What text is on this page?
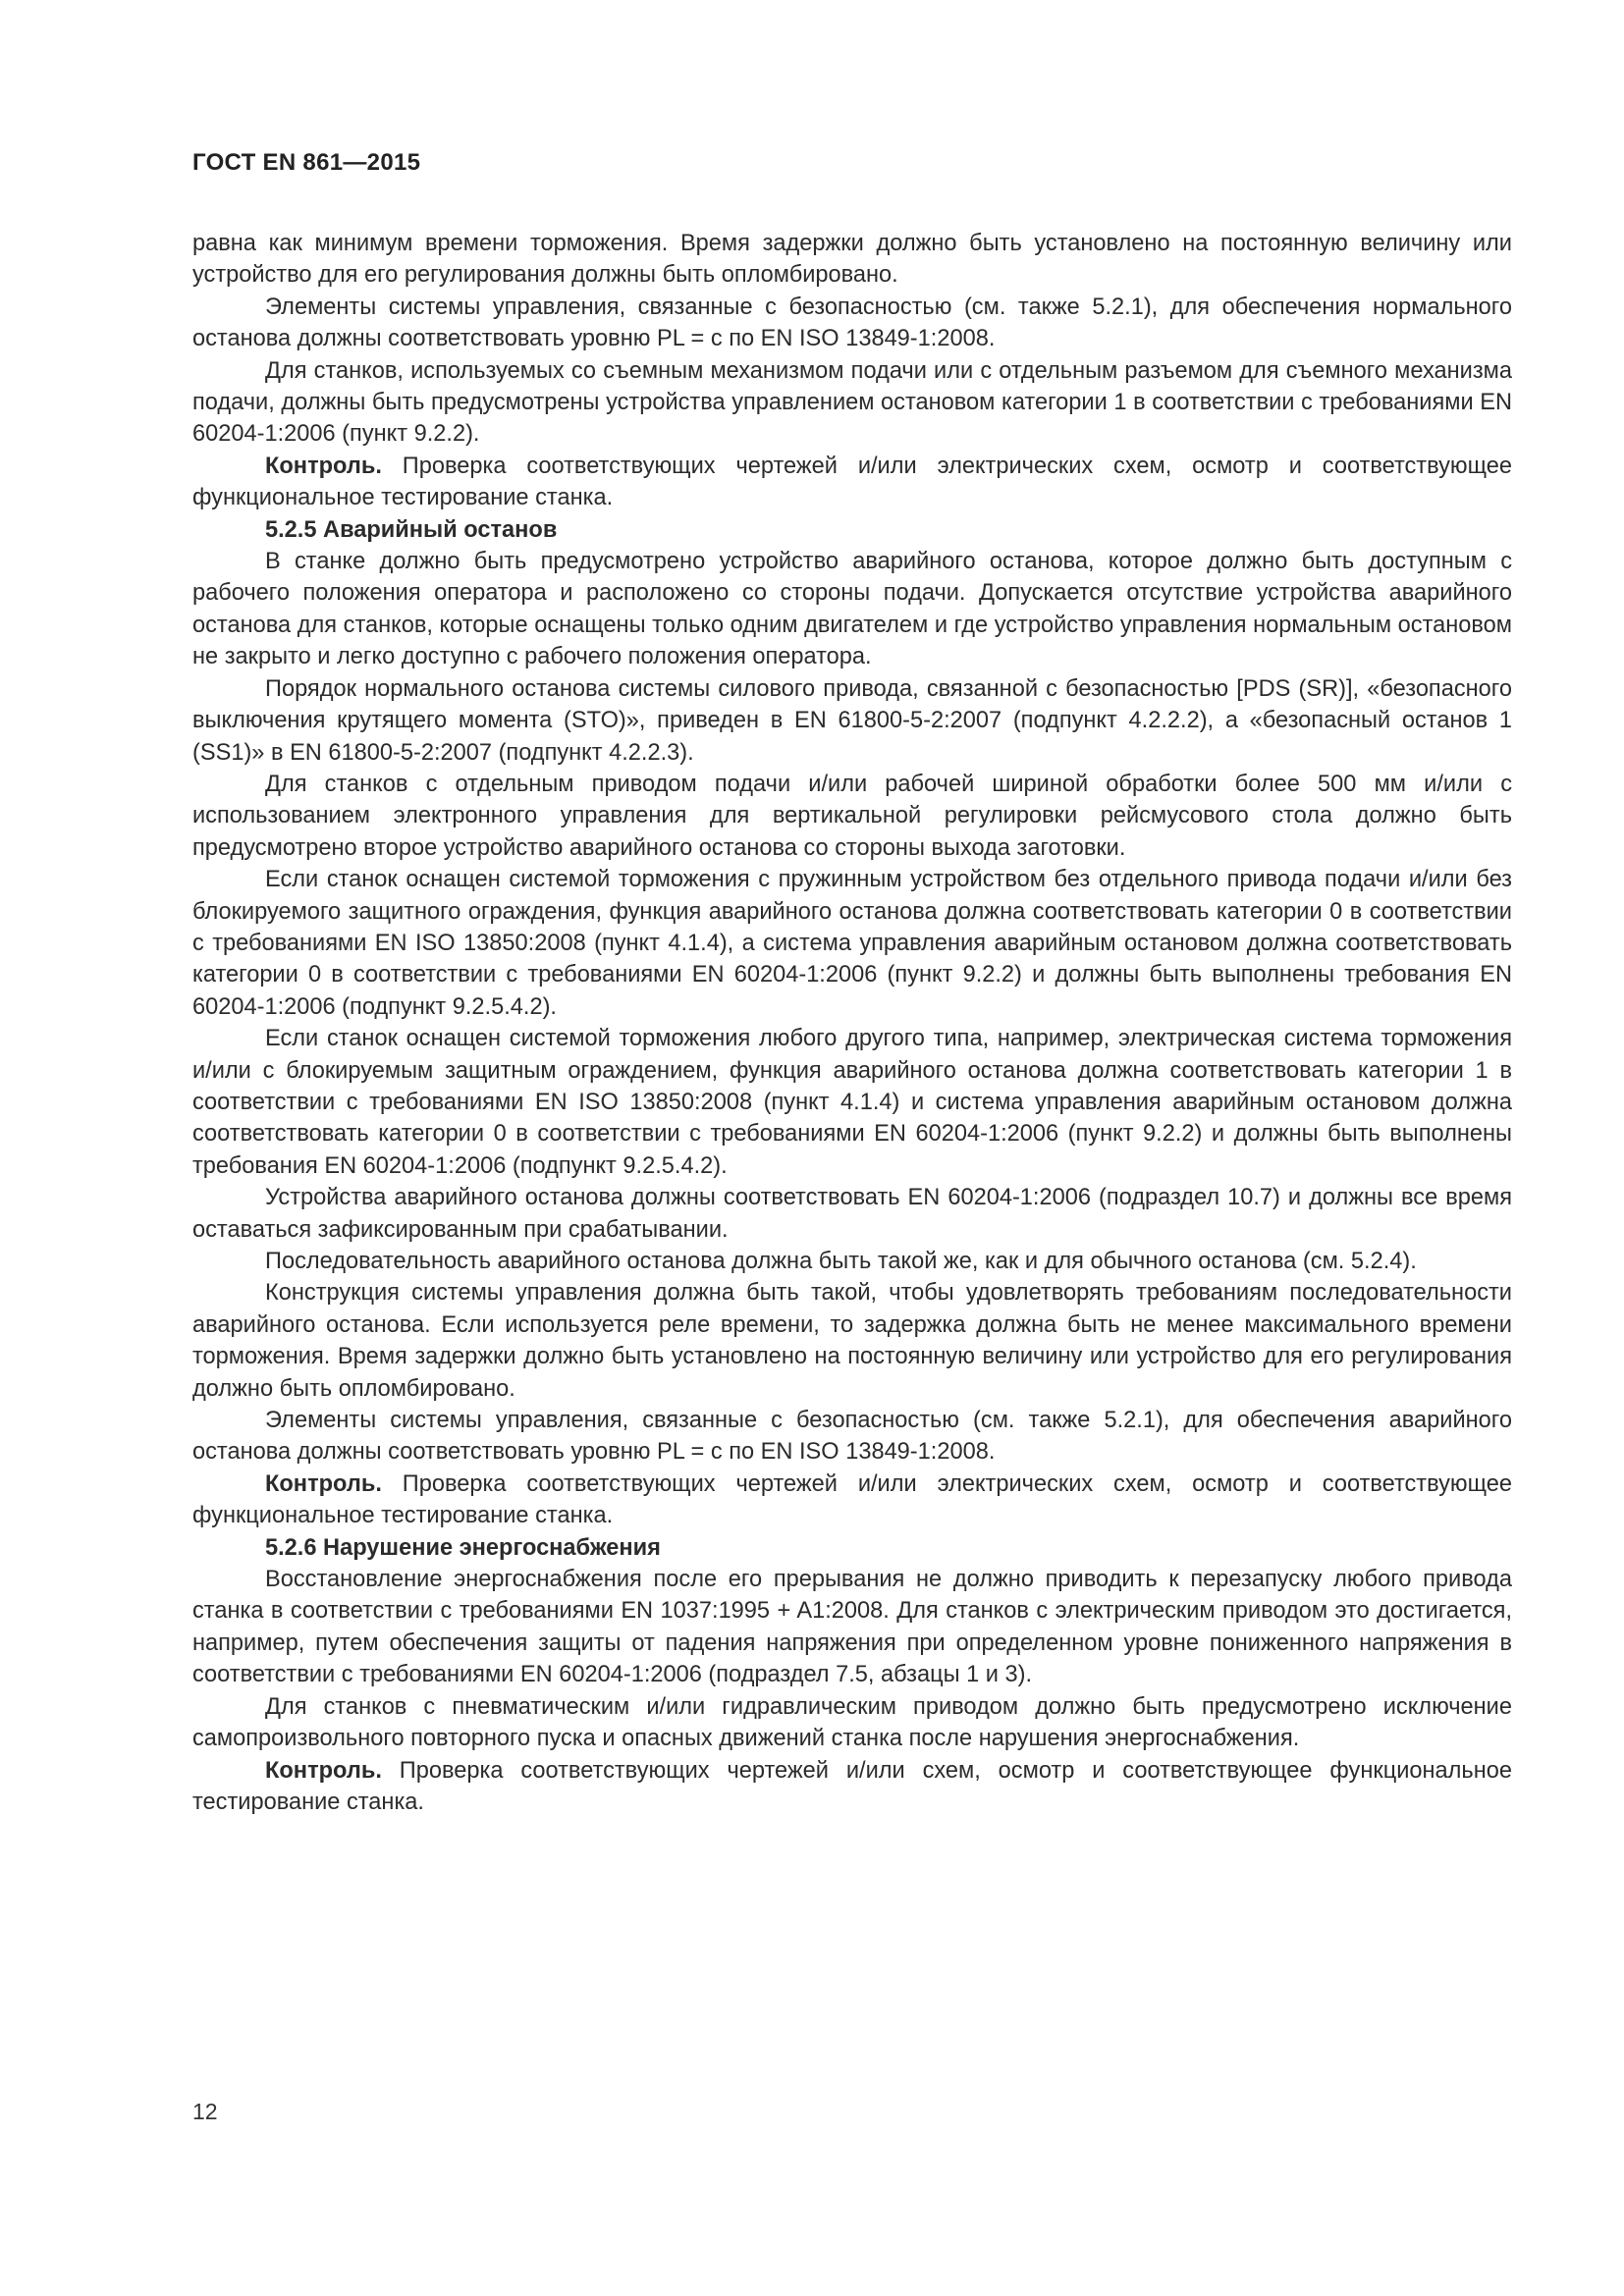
ГОСТ EN 861—2015

равна как минимум времени торможения. Время задержки должно быть установлено на постоянную величину или устройство для его регулирования должны быть опломбировано.

Элементы системы управления, связанные с безопасностью (см. также 5.2.1), для обеспечения нормального останова должны соответствовать уровню PL = с по EN ISO 13849-1:2008.

Для станков, используемых со съемным механизмом подачи или с отдельным разъемом для съемного механизма подачи, должны быть предусмотрены устройства управлением остановом категории 1 в соответствии с требованиями EN 60204-1:2006 (пункт 9.2.2).

Контроль. Проверка соответствующих чертежей и/или электрических схем, осмотр и соответствующее функциональное тестирование станка.

5.2.5 Аварийный останов

В станке должно быть предусмотрено устройство аварийного останова, которое должно быть доступным с рабочего положения оператора и расположено со стороны подачи. Допускается отсутствие устройства аварийного останова для станков, которые оснащены только одним двигателем и где устройство управления нормальным остановом не закрыто и легко доступно с рабочего положения оператора.

Порядок нормального останова системы силового привода, связанной с безопасностью [PDS (SR)], «безопасного выключения крутящего момента (STO)», приведен в EN 61800-5-2:2007 (подпункт 4.2.2.2), а «безопасный останов 1 (SS1)» в EN 61800-5-2:2007 (подпункт 4.2.2.3).

Для станков с отдельным приводом подачи и/или рабочей шириной обработки более 500 мм и/или с использованием электронного управления для вертикальной регулировки рейсмусового стола должно быть предусмотрено второе устройство аварийного останова со стороны выхода заготовки.

Если станок оснащен системой торможения с пружинным устройством без отдельного привода подачи и/или без блокируемого защитного ограждения, функция аварийного останова должна соответствовать категории 0 в соответствии с требованиями EN ISO 13850:2008 (пункт 4.1.4), а система управления аварийным остановом должна соответствовать категории 0 в соответствии с требованиями EN 60204-1:2006 (пункт 9.2.2) и должны быть выполнены требования EN 60204-1:2006 (подпункт 9.2.5.4.2).

Если станок оснащен системой торможения любого другого типа, например, электрическая система торможения и/или с блокируемым защитным ограждением, функция аварийного останова должна соответствовать категории 1 в соответствии с требованиями EN ISO 13850:2008 (пункт 4.1.4) и система управления аварийным остановом должна соответствовать категории 0 в соответствии с требованиями EN 60204-1:2006 (пункт 9.2.2) и должны быть выполнены требования EN 60204-1:2006 (подпункт 9.2.5.4.2).

Устройства аварийного останова должны соответствовать EN 60204-1:2006 (подраздел 10.7) и должны все время оставаться зафиксированным при срабатывании.

Последовательность аварийного останова должна быть такой же, как и для обычного останова (см. 5.2.4).

Конструкция системы управления должна быть такой, чтобы удовлетворять требованиям последовательности аварийного останова. Если используется реле времени, то задержка должна быть не менее максимального времени торможения. Время задержки должно быть установлено на постоянную величину или устройство для его регулирования должно быть опломбировано.

Элементы системы управления, связанные с безопасностью (см. также 5.2.1), для обеспечения аварийного останова должны соответствовать уровню PL = с по EN ISO 13849-1:2008.

Контроль. Проверка соответствующих чертежей и/или электрических схем, осмотр и соответствующее функциональное тестирование станка.

5.2.6 Нарушение энергоснабжения

Восстановление энергоснабжения после его прерывания не должно приводить к перезапуску любого привода станка в соответствии с требованиями EN 1037:1995 + A1:2008. Для станков с электрическим приводом это достигается, например, путем обеспечения защиты от падения напряжения при определенном уровне пониженного напряжения в соответствии с требованиями EN 60204-1:2006 (подраздел 7.5, абзацы 1 и 3).

Для станков с пневматическим и/или гидравлическим приводом должно быть предусмотрено исключение самопроизвольного повторного пуска и опасных движений станка после нарушения энергоснабжения.

Контроль. Проверка соответствующих чертежей и/или схем, осмотр и соответствующее функциональное тестирование станка.

12
